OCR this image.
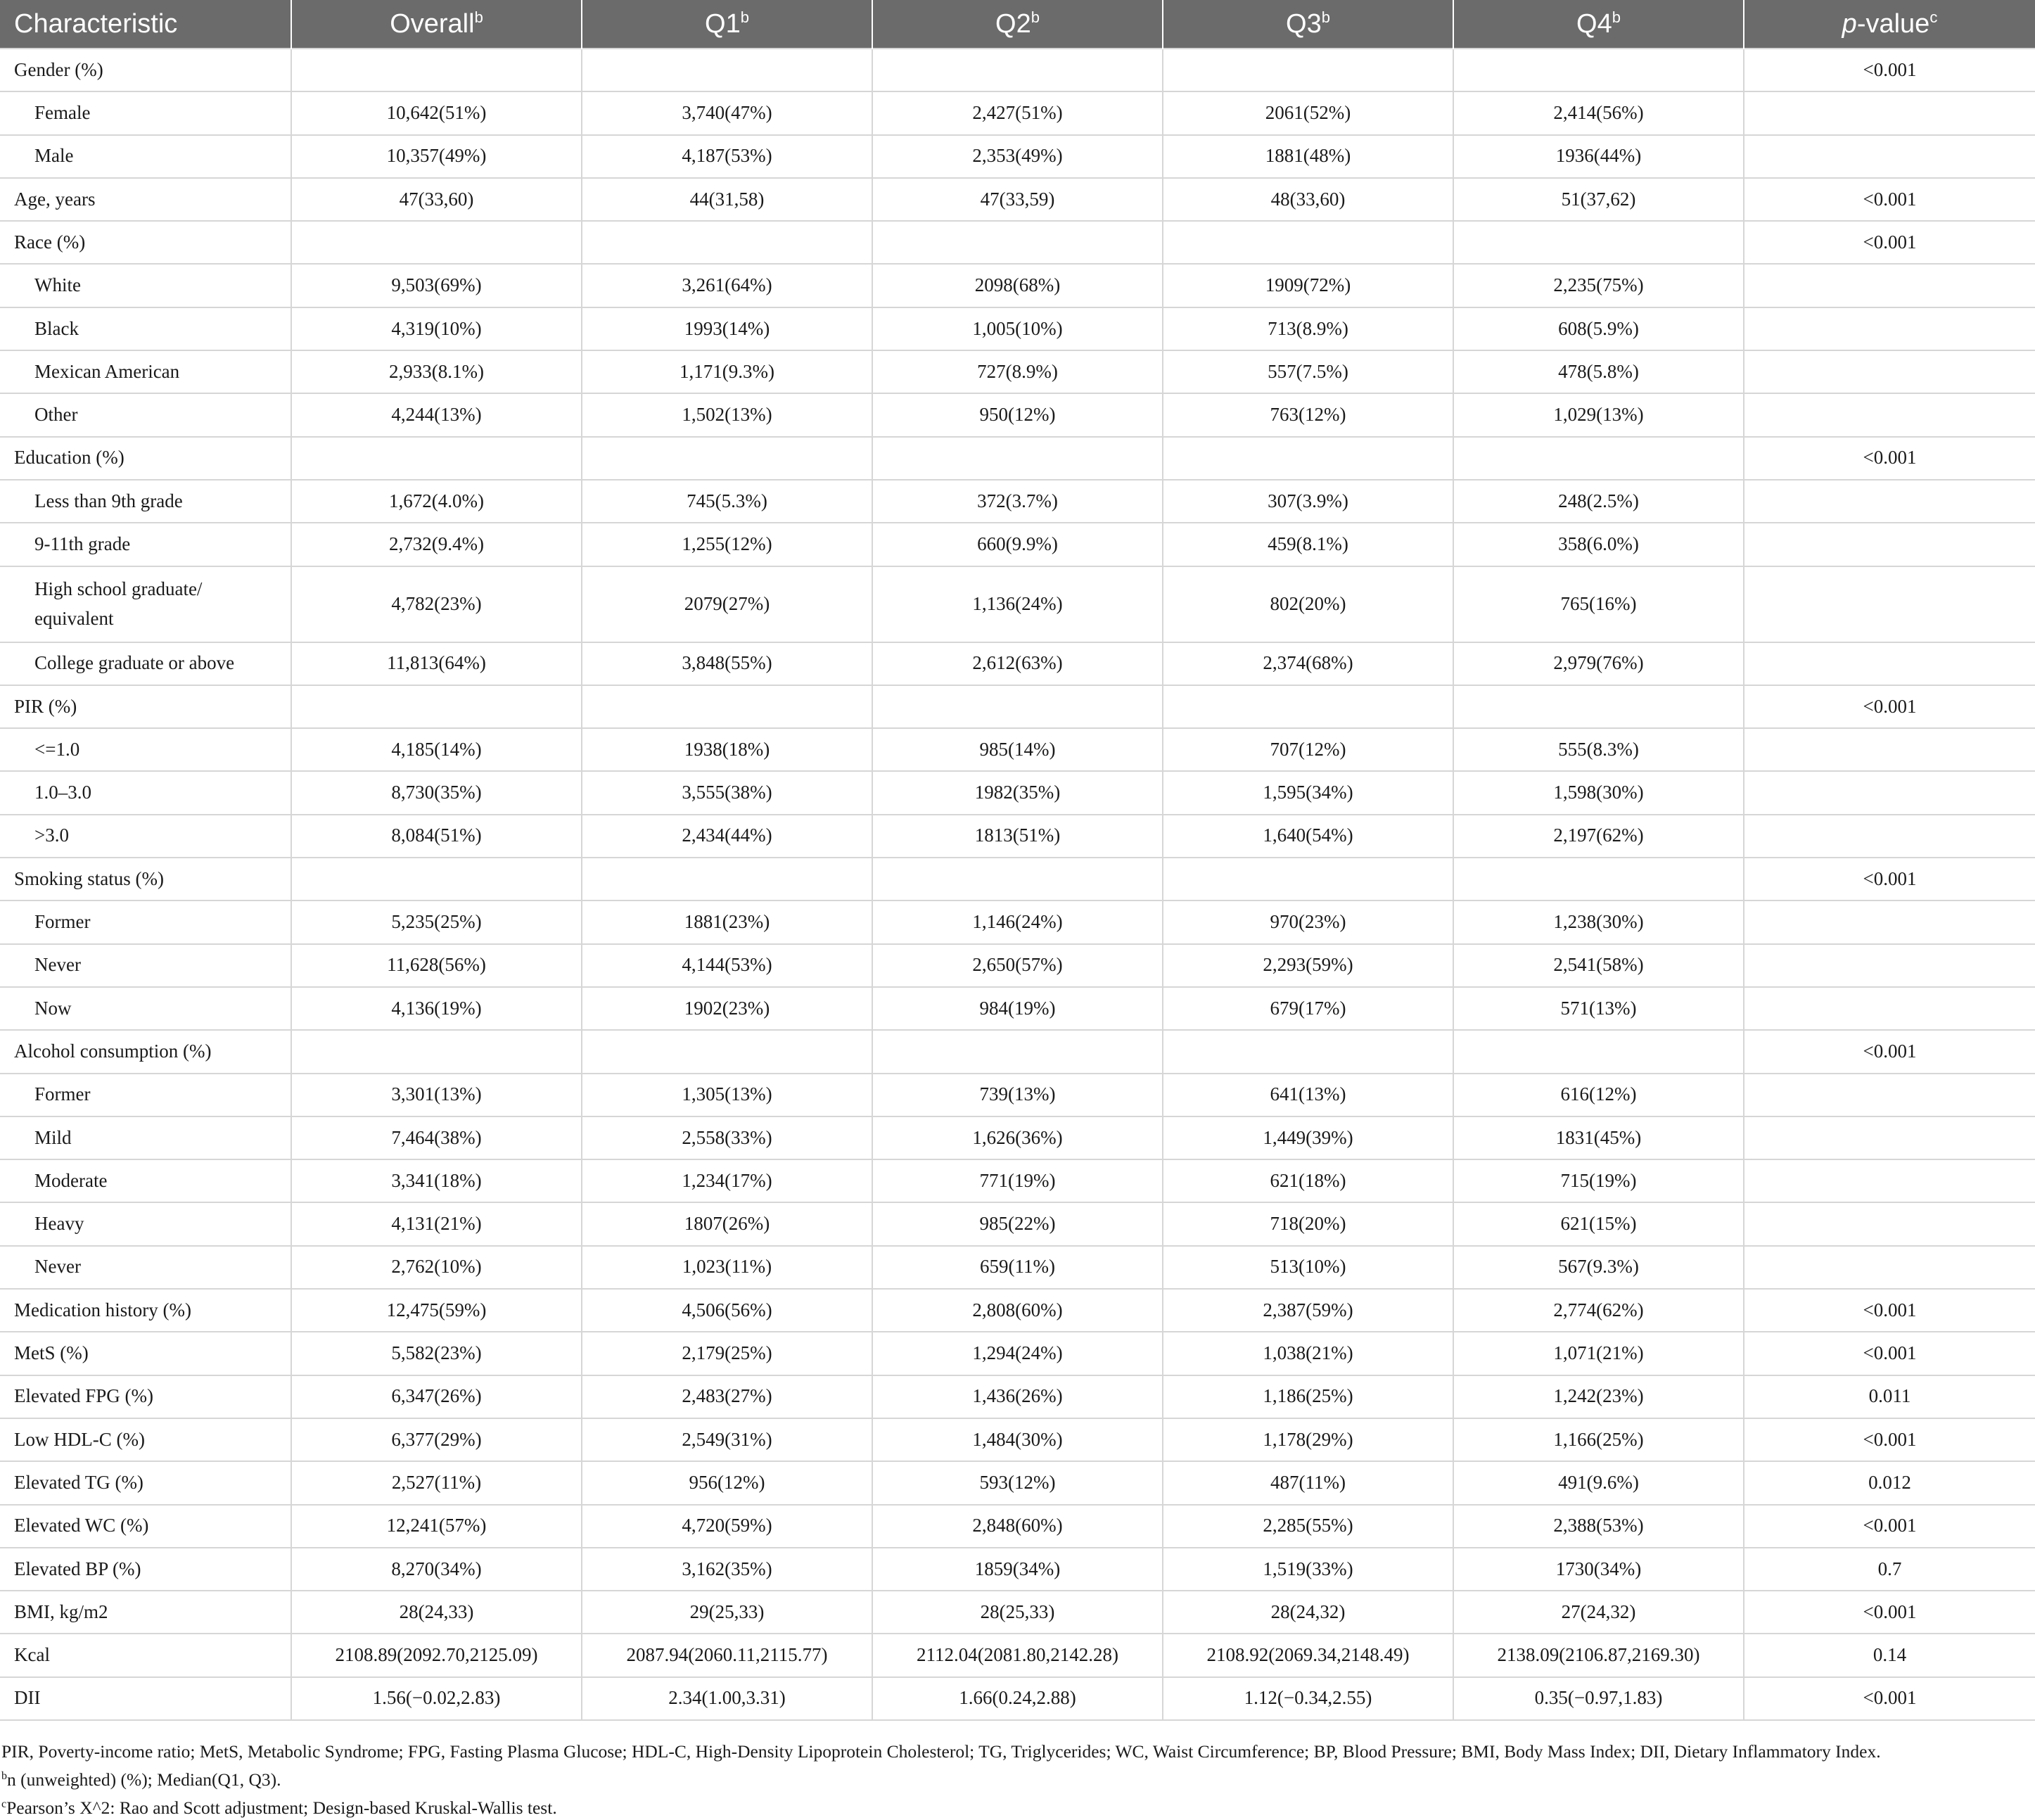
Characteristic	Overall$^b$	Q1$^b$	Q2$^b$	Q3$^b$	Q4$^b$	p-value$^c$
Gender (%)						<0.001
Female	10,642(51%)	3,740(47%)	2,427(51%)	2061(52%)	2,414(56%)	
Male	10,357(49%)	4,187(53%)	2,353(49%)	1881(48%)	1936(44%)	
Age, years	47(33,60)	44(31,58)	47(33,59)	48(33,60)	51(37,62)	<0.001
Race (%)						<0.001
White	9,503(69%)	3,261(64%)	2098(68%)	1909(72%)	2,235(75%)	
Black	4,319(10%)	1993(14%)	1,005(10%)	713(8.9%)	608(5.9%)	
Mexican American	2,933(8.1%)	1,171(9.3%)	727(8.9%)	557(7.5%)	478(5.8%)	
Other	4,244(13%)	1,502(13%)	950(12%)	763(12%)	1,029(13%)	
Education (%)						<0.001
Less than 9th grade	1,672(4.0%)	745(5.3%)	372(3.7%)	307(3.9%)	248(2.5%)	
9-11th grade	2,732(9.4%)	1,255(12%)	660(9.9%)	459(8.1%)	358(6.0%)	
High school graduate/
equivalent	4,782(23%)	2079(27%)	1,136(24%)	802(20%)	765(16%)	
College graduate or above	11,813(64%)	3,848(55%)	2,612(63%)	2,374(68%)	2,979(76%)	
PIR (%)						<0.001
<=1.0	4,185(14%)	1938(18%)	985(14%)	707(12%)	555(8.3%)	
1.0–3.0	8,730(35%)	3,555(38%)	1982(35%)	1,595(34%)	1,598(30%)	
>3.0	8,084(51%)	2,434(44%)	1813(51%)	1,640(54%)	2,197(62%)	
Smoking status (%)						<0.001
Former	5,235(25%)	1881(23%)	1,146(24%)	970(23%)	1,238(30%)	
Never	11,628(56%)	4,144(53%)	2,650(57%)	2,293(59%)	2,541(58%)	
Now	4,136(19%)	1902(23%)	984(19%)	679(17%)	571(13%)	
Alcohol consumption (%)						<0.001
Former	3,301(13%)	1,305(13%)	739(13%)	641(13%)	616(12%)	
Mild	7,464(38%)	2,558(33%)	1,626(36%)	1,449(39%)	1831(45%)	
Moderate	3,341(18%)	1,234(17%)	771(19%)	621(18%)	715(19%)	
Heavy	4,131(21%)	1807(26%)	985(22%)	718(20%)	621(15%)	
Never	2,762(10%)	1,023(11%)	659(11%)	513(10%)	567(9.3%)	
Medication history (%)	12,475(59%)	4,506(56%)	2,808(60%)	2,387(59%)	2,774(62%)	<0.001
MetS (%)	5,582(23%)	2,179(25%)	1,294(24%)	1,038(21%)	1,071(21%)	<0.001
Elevated FPG (%)	6,347(26%)	2,483(27%)	1,436(26%)	1,186(25%)	1,242(23%)	0.011
Low HDL-C (%)	6,377(29%)	2,549(31%)	1,484(30%)	1,178(29%)	1,166(25%)	<0.001
Elevated TG (%)	2,527(11%)	956(12%)	593(12%)	487(11%)	491(9.6%)	0.012
Elevated WC (%)	12,241(57%)	4,720(59%)	2,848(60%)	2,285(55%)	2,388(53%)	<0.001
Elevated BP (%)	8,270(34%)	3,162(35%)	1859(34%)	1,519(33%)	1730(34%)	0.7
BMI, kg/m2	28(24,33)	29(25,33)	28(25,33)	28(24,32)	27(24,32)	<0.001
Kcal	2108.89(2092.70,2125.09)	2087.94(2060.11,2115.77)	2112.04(2081.80,2142.28)	2108.92(2069.34,2148.49)	2138.09(2106.87,2169.30)	0.14
DII	1.56(−0.02,2.83)	2.34(1.00,3.31)	1.66(0.24,2.88)	1.12(−0.34,2.55)	0.35(−0.97,1.83)	<0.001
PIR, Poverty-income ratio; MetS, Metabolic Syndrome; FPG, Fasting Plasma Glucose; HDL-C, High-Density Lipoprotein Cholesterol; TG, Triglycerides; WC, Waist Circumference; BP, Blood Pressure; BMI, Body Mass Index; DII, Dietary Inflammatory Index.
$^b$n (unweighted) (%); Median(Q1, Q3).
$^c$Pearson’s X^2: Rao and Scott adjustment; Design-based Kruskal-Wallis test.
